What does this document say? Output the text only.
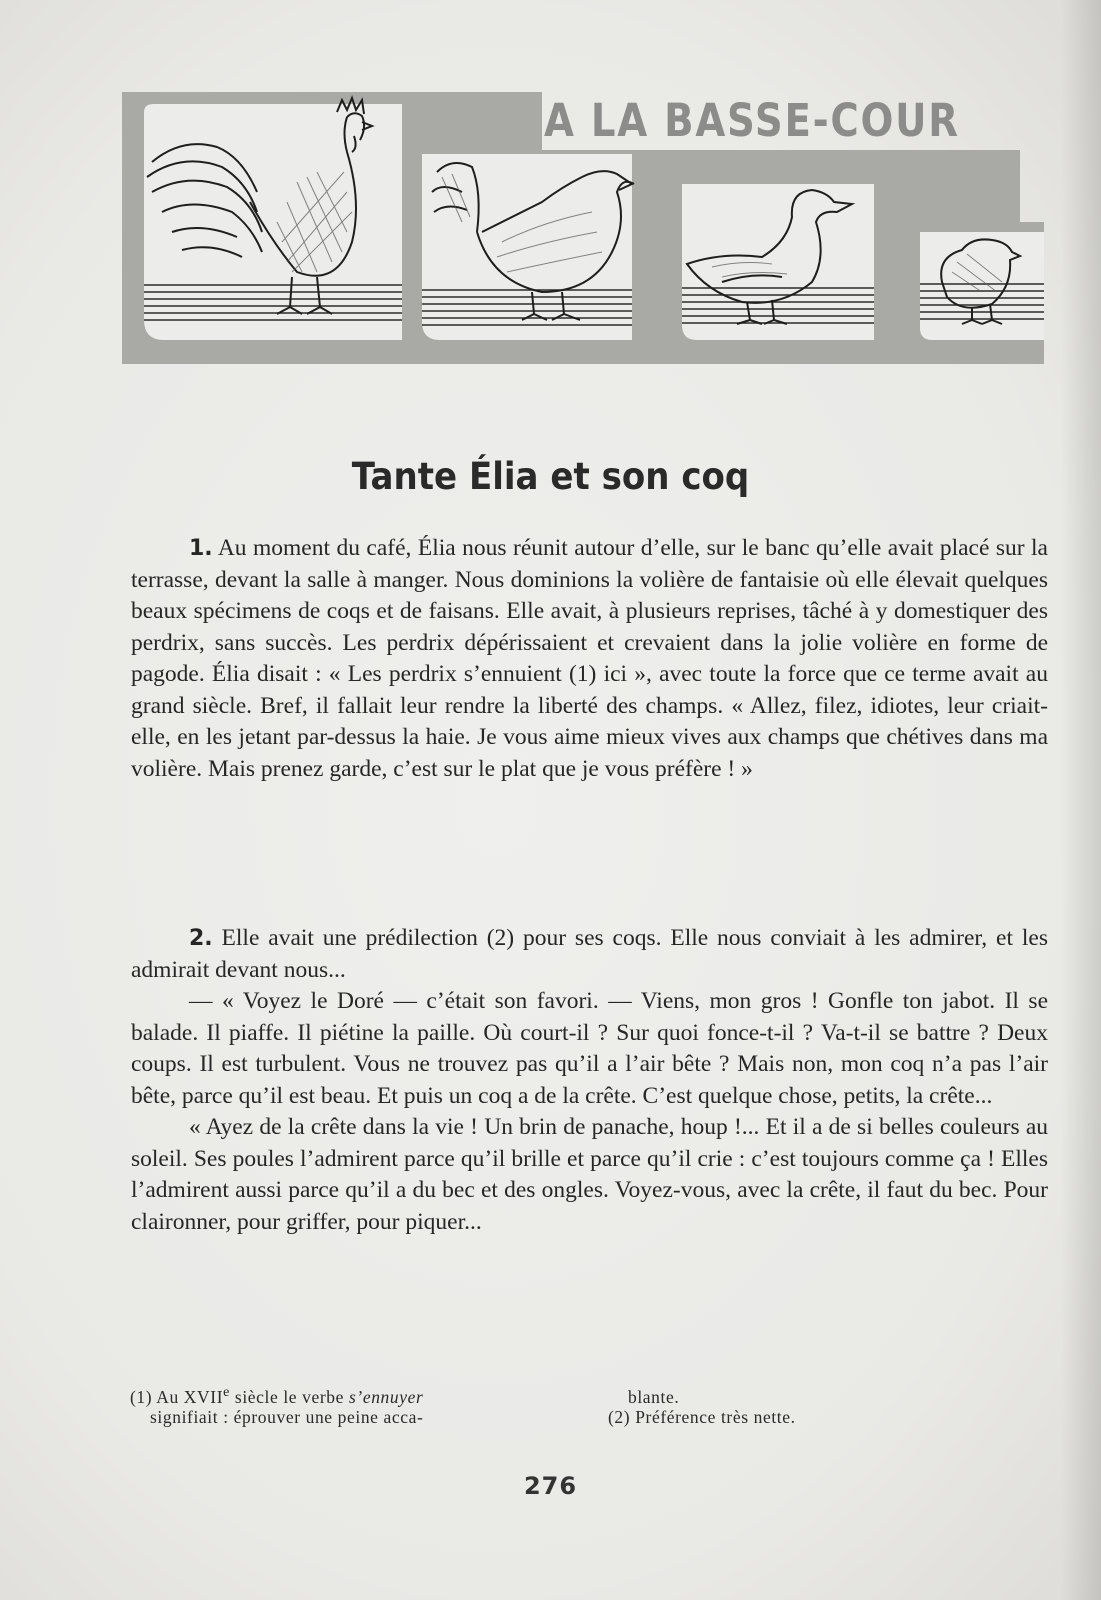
A LA BASSE-COUR
Tante Élia et son coq

1. Au moment du café, Élia nous réunit autour d’elle, sur le banc qu’elle avait placé sur la terrasse, devant la salle à manger. Nous dominions la volière de fantaisie où elle élevait quelques beaux spécimens de coqs et de faisans. Elle avait, à plusieurs reprises, tâché à y domestiquer des perdrix, sans succès. Les perdrix dépérissaient et crevaient dans la jolie volière en forme de pagode. Élia disait : « Les perdrix s’ennuient (1) ici », avec toute la force que ce terme avait au grand siècle. Bref, il fallait leur rendre la liberté des champs. « Allez, filez, idiotes, leur criait-elle, en les jetant par-dessus la haie. Je vous aime mieux vives aux champs que chétives dans ma volière. Mais prenez garde, c’est sur le plat que je vous préfère ! »

2. Elle avait une prédilection (2) pour ses coqs. Elle nous conviait à les admirer, et les admirait devant nous...

— « Voyez le Doré — c’était son favori. — Viens, mon gros ! Gonfle ton jabot. Il se balade. Il piaffe. Il piétine la paille. Où court-il ? Sur quoi fonce-t-il ? Va-t-il se battre ? Deux coups. Il est turbulent. Vous ne trouvez pas qu’il a l’air bête ? Mais non, mon coq n’a pas l’air bête, parce qu’il est beau. Et puis un coq a de la crête. C’est quelque chose, petits, la crête...

« Ayez de la crête dans la vie ! Un brin de panache, houp !... Et il a de si belles couleurs au soleil. Ses poules l’admirent parce qu’il brille et parce qu’il crie : c’est toujours comme ça ! Elles l’admirent aussi parce qu’il a du bec et des ongles. Voyez-vous, avec la crête, il faut du bec. Pour claironner, pour griffer, pour piquer...

(1) Au XVIIe siècle le verbe s’ennuyer
signifiait : éprouver une peine acca-
blante.
(2) Préférence très nette.
276
